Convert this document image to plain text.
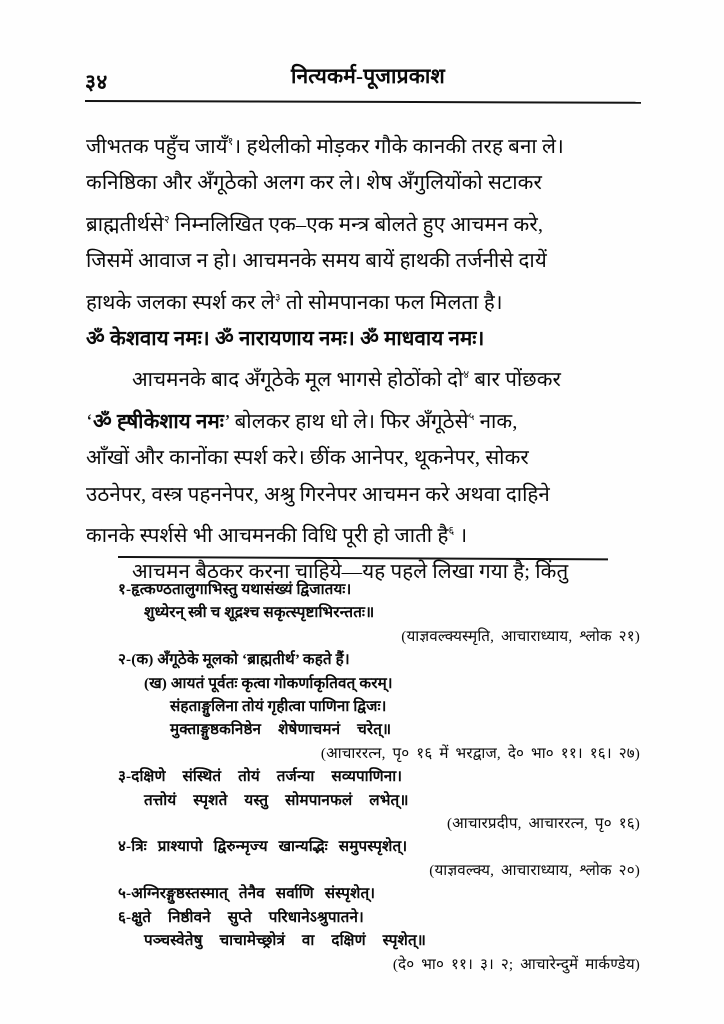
३४	नित्यकर्म-पूजाप्रकाश
जीभतक पहुँच जायँ$^१$। हथेलीको मोड़कर गौके कानकी तरह बना ले।
कनिष्ठिका और अँगूठेको अलग कर ले। शेष अँगुलियोंको सटाकर
ब्राह्मतीर्थसे$^२$ निम्नलिखित एक–एक मन्त्र बोलते हुए आचमन करे,
जिसमें आवाज न हो। आचमनके समय बायें हाथकी तर्जनीसे दायें
हाथके जलका स्पर्श कर ले$^३$ तो सोमपानका फल मिलता है।
ॐ केशवाय नमः। ॐ नारायणाय नमः। ॐ माधवाय नमः।
आचमनके बाद अँगूठेके मूल भागसे होठोंको दो$^४$ बार पोंछकर
‘ॐ ह्षीकेशाय नमः’ बोलकर हाथ धो ले। फिर अँगूठेसे$^५$ नाक,
आँखों और कानोंका स्पर्श करे। छींक आनेपर, थूकनेपर, सोकर
उठनेपर, वस्त्र पहननेपर, अश्रु गिरनेपर आचमन करे अथवा दाहिने
कानके स्पर्शसे भी आचमनकी विधि पूरी हो जाती है$^६$ ।
आचमन बैठकर करना चाहिये—यह पहले लिखा गया है; किंतु
१-हृत्कण्ठतालुगाभिस्तु यथासंख्यं द्विजातयः।
शुध्येरन् स्त्री च शूद्रश्च सकृत्स्पृष्टाभिरन्ततः॥
(याज्ञवल्क्यस्मृति, आचाराध्याय, श्लोक २१)
२-(क) अँगूठेके मूलको ‘ब्राह्मतीर्थ’ कहते हैं।
(ख) आयतं पूर्वतः कृत्वा गोकर्णाकृतिवत् करम्।
संहताङ्गुलिना तोयं गृहीत्वा पाणिना द्विजः।
मुक्ताङ्गुष्ठकनिष्ठेन शेषेणाचमनं चरेत्॥
(आचाररत्न, पृ० १६ में भरद्वाज, दे० भा० ११। १६। २७)
३-दक्षिणे संस्थितं तोयं तर्जन्या सव्यपाणिना।
तत्तोयं स्पृशते यस्तु सोमपानफलं लभेत्॥
(आचारप्रदीप, आचाररत्न, पृ० १६)
४-त्रिः प्राश्यापो द्विरुन्मृज्य खान्यद्भिः समुपस्पृशेत्।
(याज्ञवल्क्य, आचाराध्याय, श्लोक २०)
५-अग्निरङ्गुष्ठस्तस्मात् तेनैव सर्वाणि संस्पृशेत्।
६-क्षुते निष्ठीवने सुप्ते परिधानेऽश्रुपातने।
पञ्चस्वेतेषु चाचामेच्छ्रोत्रं वा दक्षिणं स्पृशेत्॥
(दे० भा० ११। ३। २; आचारेन्दुमें मार्कण्डेय)
